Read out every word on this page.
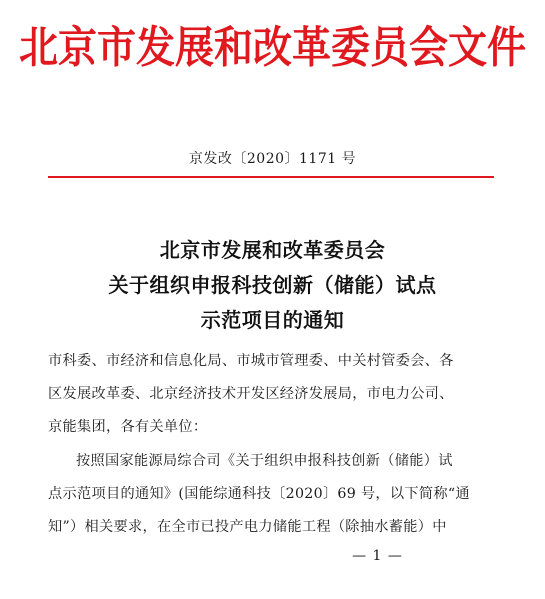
北京市发展和改革委员会文件
京发改〔2020〕1171 号
北京市发展和改革委员会
关于组织申报科技创新（储能）试点
示范项目的通知
市科委、市经济和信息化局、市城市管理委、中关村管委会、各
区发展改革委、北京经济技术开发区经济发展局，市电力公司、
京能集团，各有关单位：
按照国家能源局综合司《关于组织申报科技创新（储能）试
点示范项目的通知》(国能综通科技〔2020〕69 号，以下简称“通
知”）相关要求，在全市已投产电力储能工程（除抽水蓄能）中
— 1 —
